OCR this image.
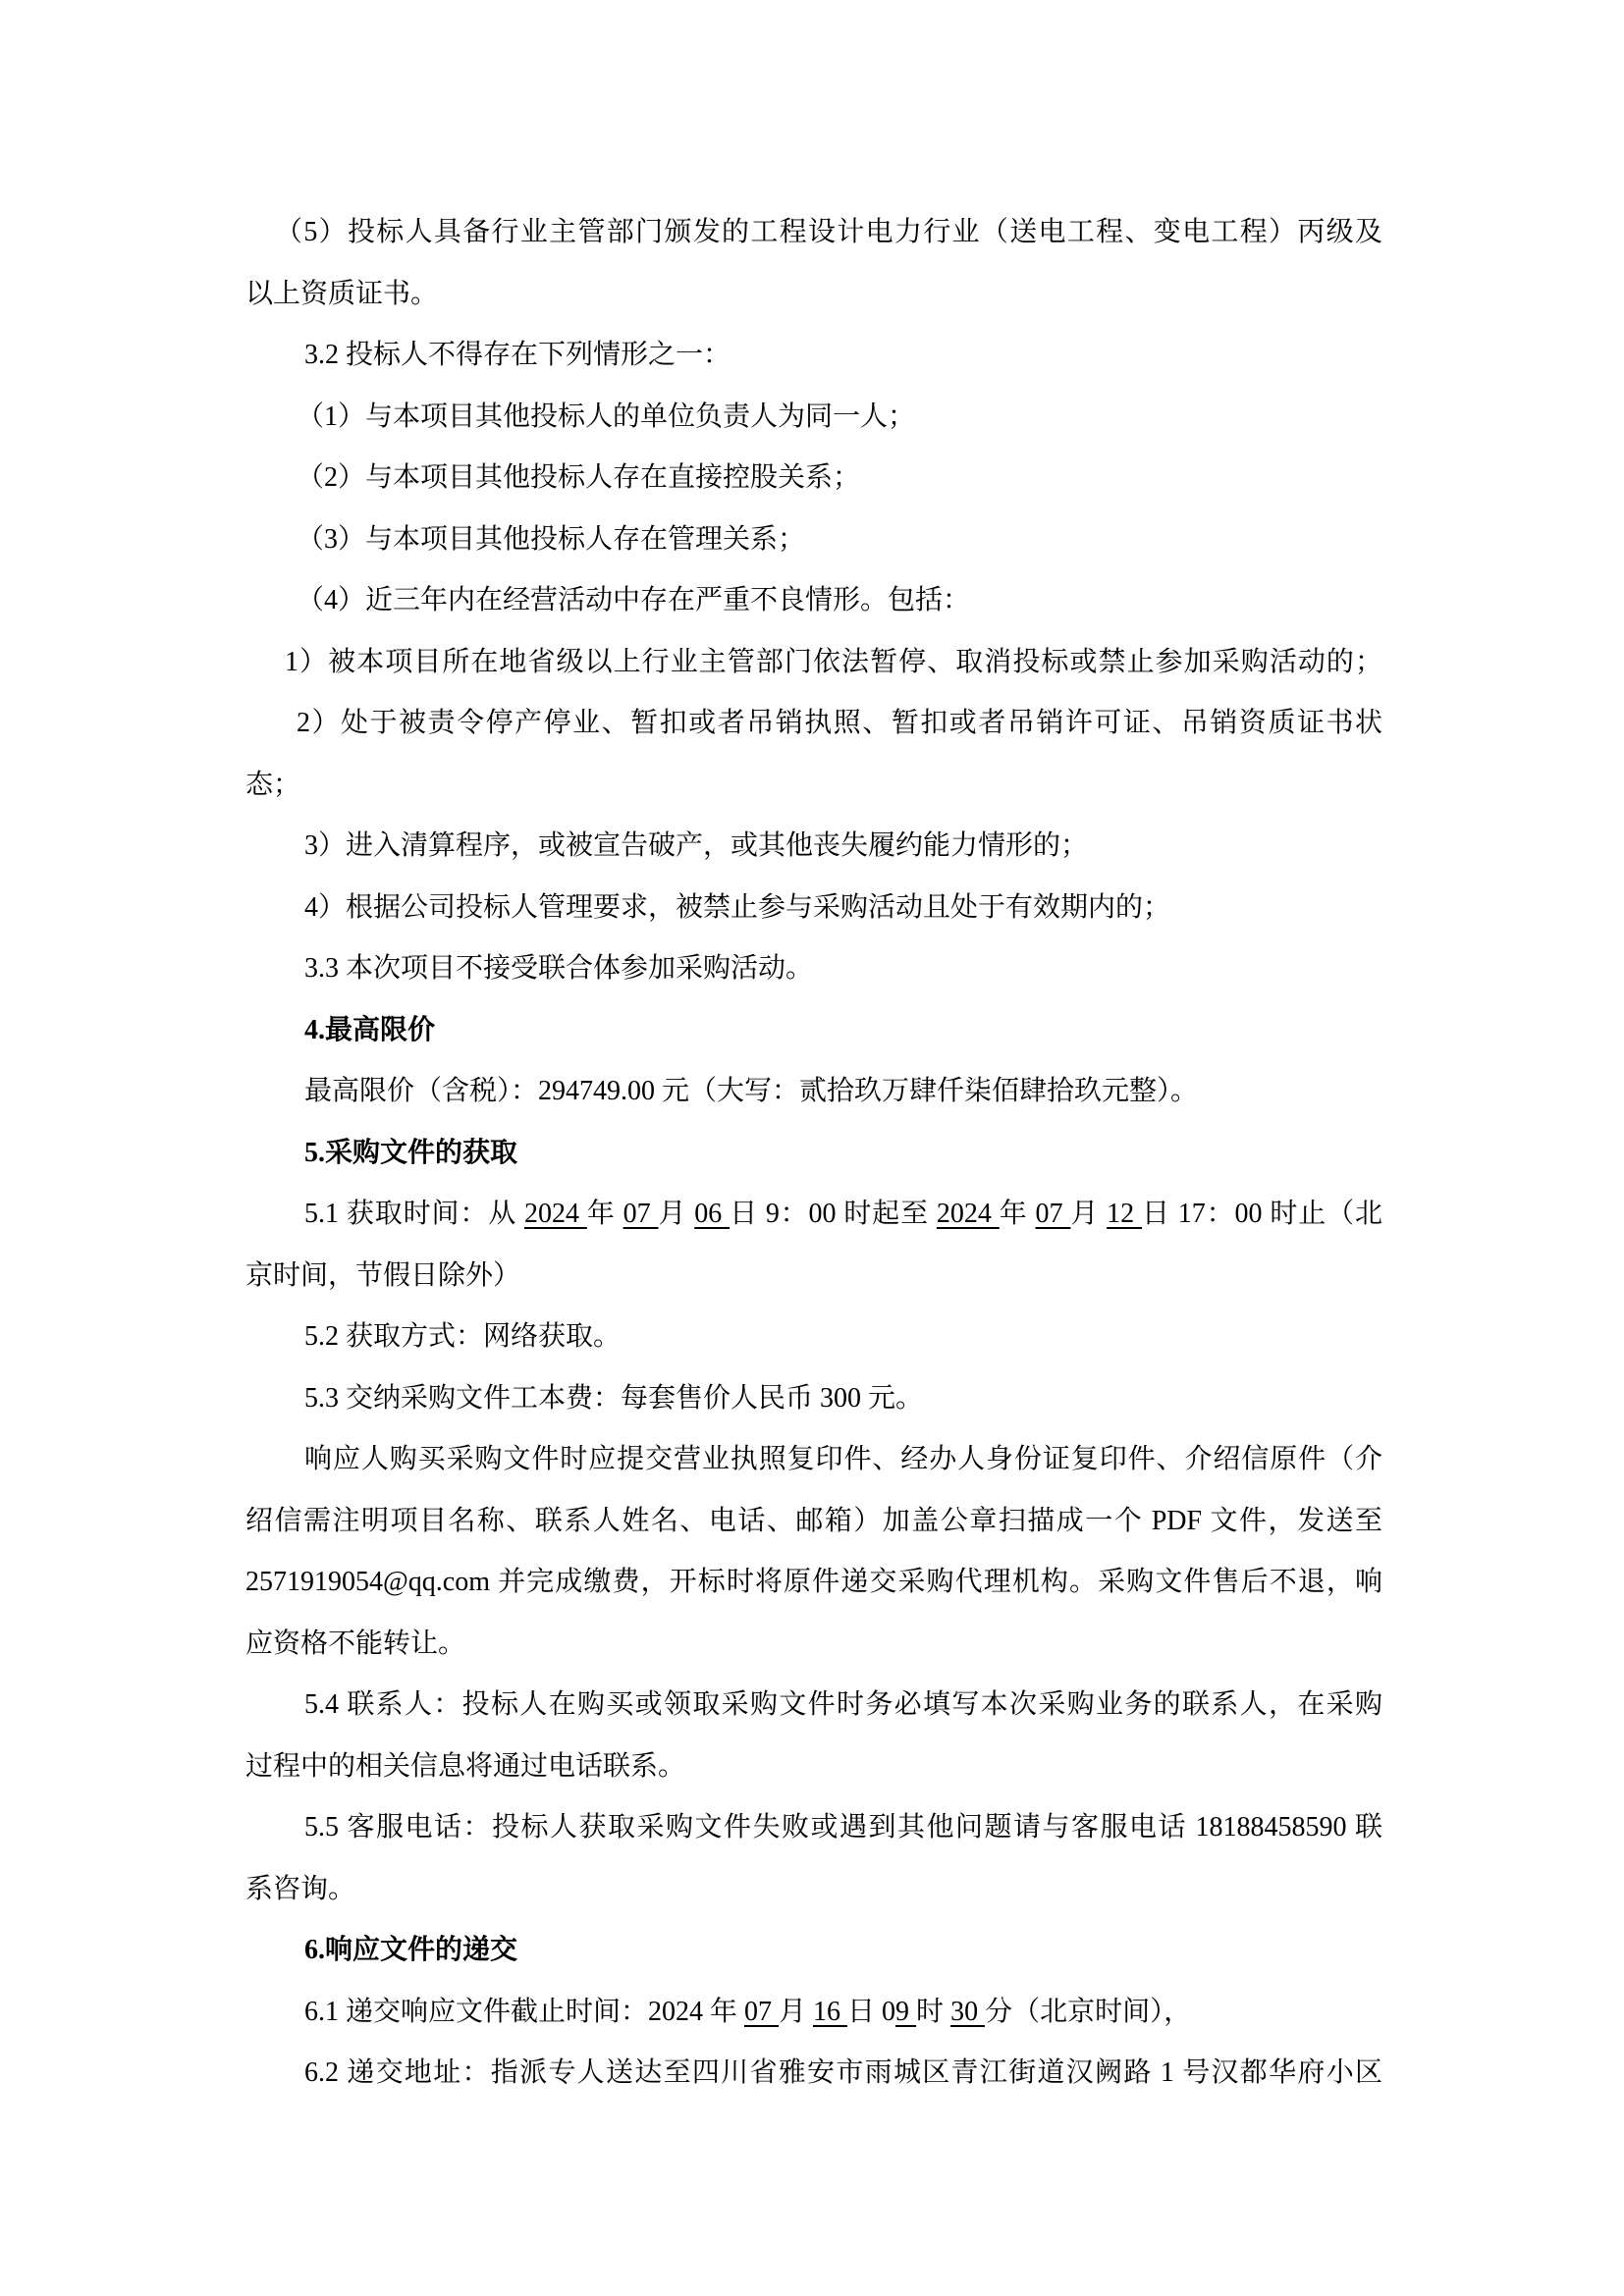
（5）投标人具备行业主管部门颁发的工程设计电力行业（送电工程、变电工程）丙级及
以上资质证书。
3.2 投标人不得存在下列情形之一：
（1）与本项目其他投标人的单位负责人为同一人；
（2）与本项目其他投标人存在直接控股关系；
（3）与本项目其他投标人存在管理关系；
（4）近三年内在经营活动中存在严重不良情形。包括：
1）被本项目所在地省级以上行业主管部门依法暂停、取消投标或禁止参加采购活动的；
2）处于被责令停产停业、暂扣或者吊销执照、暂扣或者吊销许可证、吊销资质证书状
态；
3）进入清算程序，或被宣告破产，或其他丧失履约能力情形的；
4）根据公司投标人管理要求，被禁止参与采购活动且处于有效期内的；
3.3 本次项目不接受联合体参加采购活动。
4.最高限价
最高限价（含税）：294749.00 元（大写：贰拾玖万肆仟柒佰肆拾玖元整）。
5.采购文件的获取
5.1 获取时间：从 2024 年 07 月 06 日 9：00 时起至 2024 年 07 月 12 日 17：00 时止（北
京时间，节假日除外）
5.2 获取方式：网络获取。
5.3 交纳采购文件工本费：每套售价人民币 300 元。
响应人购买采购文件时应提交营业执照复印件、经办人身份证复印件、介绍信原件（介
绍信需注明项目名称、联系人姓名、电话、邮箱）加盖公章扫描成一个 PDF 文件，发送至
2571919054@qq.com 并完成缴费，开标时将原件递交采购代理机构。采购文件售后不退，响
应资格不能转让。
5.4 联系人：投标人在购买或领取采购文件时务必填写本次采购业务的联系人，在采购
过程中的相关信息将通过电话联系。
5.5 客服电话：投标人获取采购文件失败或遇到其他问题请与客服电话 18188458590 联
系咨询。
6.响应文件的递交
6.1 递交响应文件截止时间：2024 年 07 月 16 日 09 时 30 分（北京时间），
6.2 递交地址：指派专人送达至四川省雅安市雨城区青江街道汉阙路 1 号汉都华府小区
